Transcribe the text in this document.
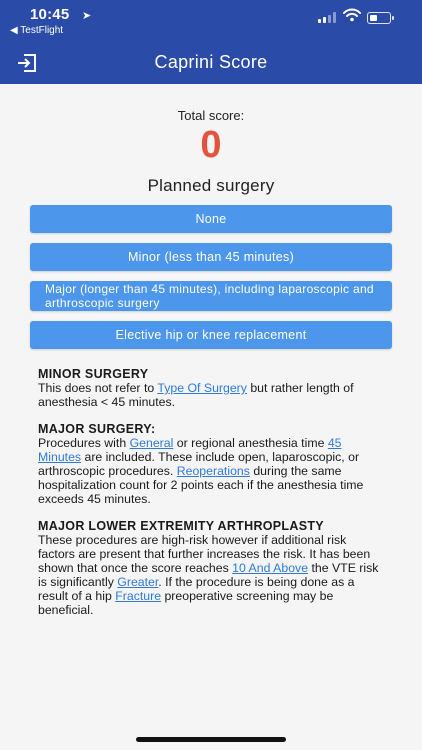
10:45 ➤
◀ TestFlight
Caprini Score
Total score:
0
Planned surgery
None
Minor (less than 45 minutes)
Major (longer than 45 minutes), including laparoscopic and arthroscopic surgery
Elective hip or knee replacement
MINOR SURGERY
This does not refer to Type Of Surgery but rather length of anesthesia < 45 minutes.
MAJOR SURGERY:
Procedures with General or regional anesthesia time 45 Minutes are included. These include open, laparoscopic, or arthroscopic procedures. Reoperations during the same hospitalization count for 2 points each if the anesthesia time exceeds 45 minutes.
MAJOR LOWER EXTREMITY ARTHROPLASTY
These procedures are high-risk however if additional risk factors are present that further increases the risk. It has been shown that once the score reaches 10 And Above the VTE risk is significantly Greater. If the procedure is being done as a result of a hip Fracture preoperative screening may be beneficial.
